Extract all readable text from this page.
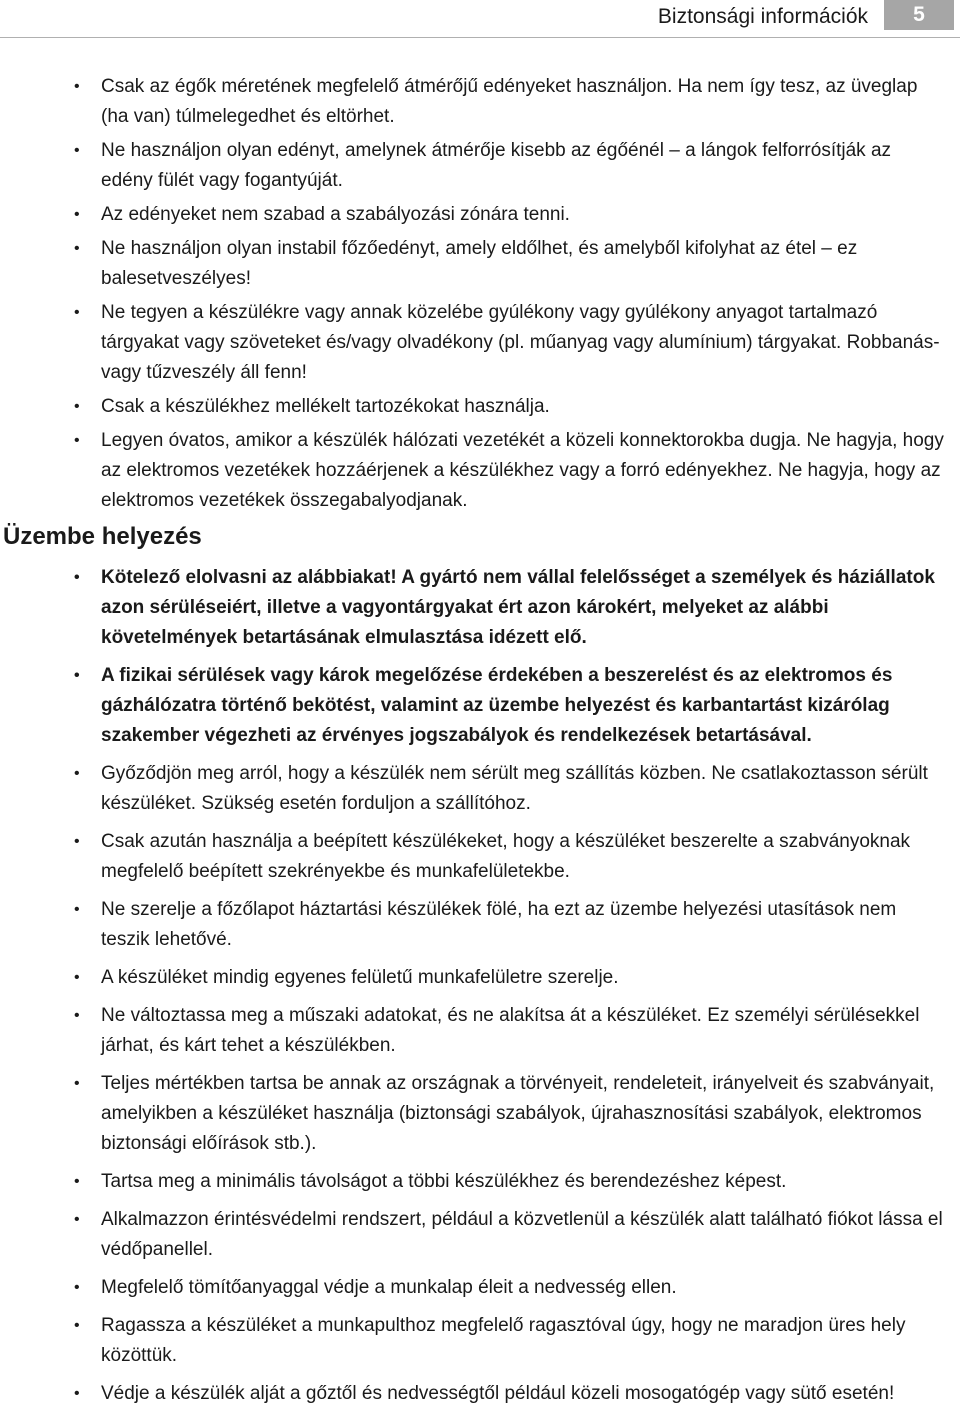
Biztonsági információk	5
• Csak az égők méretének megfelelő átmérőjű edényeket használjon. Ha nem így tesz, az üveglap (ha van) túlmelegedhet és eltörhet.
• Ne használjon olyan edényt, amelynek átmérője kisebb az égőénél – a lángok felforrósítják az edény fülét vagy fogantyúját.
• Az edényeket nem szabad a szabályozási zónára tenni.
• Ne használjon olyan instabil főzőedényt, amely eldőlhet, és amelyből kifolyhat az étel – ez balesetveszélyes!
• Ne tegyen a készülékre vagy annak közelébe gyúlékony vagy gyúlékony anyagot tartalmazó tárgyakat vagy szöveteket és/vagy olvadékony (pl. műanyag vagy alumínium) tárgyakat. Robbanás- vagy tűzveszély áll fenn!
• Csak a készülékhez mellékelt tartozékokat használja.
• Legyen óvatos, amikor a készülék hálózati vezetékét a közeli konnektorokba dugja. Ne hagyja, hogy az elektromos vezetékek hozzáérjenek a készülékhez vagy a forró edényekhez. Ne hagyja, hogy az elektromos vezetékek összegabalyodjanak.
Üzembe helyezés
• Kötelező elolvasni az alábbiakat! A gyártó nem vállal felelősséget a személyek és háziállatok azon sérüléseiért, illetve a vagyontárgyakat ért azon károkért, melyeket az alábbi követelmények betartásának elmulasztása idézett elő.
• A fizikai sérülések vagy károk megelőzése érdekében a beszerelést és az elektromos és gázhálózatra történő bekötést, valamint az üzembe helyezést és karbantartást kizárólag szakember végezheti az érvényes jogszabályok és rendelkezések betartásával.
• Győződjön meg arról, hogy a készülék nem sérült meg szállítás közben. Ne csatlakoztasson sérült készüléket. Szükség esetén forduljon a szállítóhoz.
• Csak azután használja a beépített készülékeket, hogy a készüléket beszerelte a szabványoknak megfelelő beépített szekrényekbe és munkafelületekbe.
• Ne szerelje a főzőlapot háztartási készülékek fölé, ha ezt az üzembe helyezési utasítások nem teszik lehetővé.
• A készüléket mindig egyenes felületű munkafelületre szerelje.
• Ne változtassa meg a műszaki adatokat, és ne alakítsa át a készüléket. Ez személyi sérülésekkel járhat, és kárt tehet a készülékben.
• Teljes mértékben tartsa be annak az országnak a törvényeit, rendeleteit, irányelveit és szabványait, amelyikben a készüléket használja (biztonsági szabályok, újrahasznosítási szabályok, elektromos biztonsági előírások stb.).
• Tartsa meg a minimális távolságot a többi készülékhez és berendezéshez képest.
• Alkalmazzon érintésvédelmi rendszert, például a közvetlenül a készülék alatt található fiókot lássa el védőpanellel.
• Megfelelő tömítőanyaggal védje a munkalap éleit a nedvesség ellen.
• Ragassza a készüléket a munkapulthoz megfelelő ragasztóval úgy, hogy ne maradjon üres hely közöttük.
• Védje a készülék alját a gőztől és nedvességtől például közeli mosogatógép vagy sütő esetén!
